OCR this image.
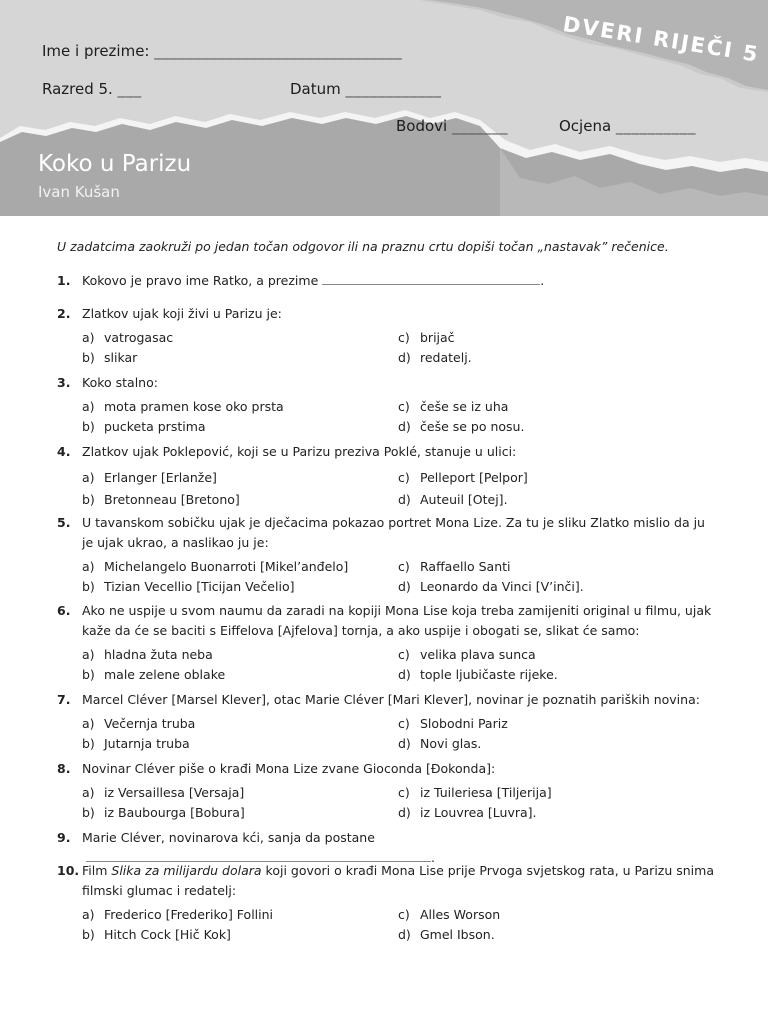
Ime i prezime: _______________________________
Razred 5. ___	Datum ____________
Bodovi _______	Ocjena __________
DVERI RIJEČI 5
Koko u Parizu
Ivan Kušan
U zadatcima zaokruži po jedan točan odgovor ili na praznu crtu dopiši točan „nastavak” rečenice.
1. Kokovo je pravo ime Ratko, a prezime	.
2. Zlatkov ujak koji živi u Parizu je:
a) vatrogasac	c) brijač
b) slikar	d) redatelj.
3. Koko stalno:
a) mota pramen kose oko prsta	c) češe se iz uha
b) pucketa prstima	d) češe se po nosu.
4. Zlatkov ujak Poklepović, koji se u Parizu preziva Poklé, stanuje u ulici:
a) Erlanger [Erlanže]	c) Pelleport [Pelpor]
b) Bretonneau [Bretono]	d) Auteuil [Otej].
5. U tavanskom sobičku ujak je dječacima pokazao portret Mona Lize. Za tu je sliku Zlatko mislio da ju je ujak ukrao, a naslikao ju je:
a) Michelangelo Buonarroti [Mikel’anđelo]	c) Raffaello Santi
b) Tizian Vecellio [Ticijan Večelio]	d) Leonardo da Vinci [V’inči].
6. Ako ne uspije u svom naumu da zaradi na kopiji Mona Lise koja treba zamijeniti original u filmu, ujak kaže da će se baciti s Eiffelova [Ajfelova] tornja, a ako uspije i obogati se, slikat će samo:
a) hladna žuta neba	c) velika plava sunca
b) male zelene oblake	d) tople ljubičaste rijeke.
7. Marcel Cléver [Marsel Klever], otac Marie Cléver [Mari Klever], novinar je poznatih pariških novina:
a) Večernja truba	c) Slobodni Pariz
b) Jutarnja truba	d) Novi glas.
8. Novinar Cléver piše o krađi Mona Lize zvane Gioconda [Đokonda]:
a) iz Versaillesa [Versaja]	c) iz Tuileriesa [Tiljerija]
b) iz Baubourga [Bobura]	d) iz Louvrea [Luvra].
9. Marie Cléver, novinarova kći, sanja da postane .
10. Film Slika za milijardu dolara koji govori o krađi Mona Lise prije Prvoga svjetskog rata, u Parizu snima filmski glumac i redatelj:
a) Frederico [Frederiko] Follini	c) Alles Worson
b) Hitch Cock [Hič Kok]	d) Gmel Ibson.
